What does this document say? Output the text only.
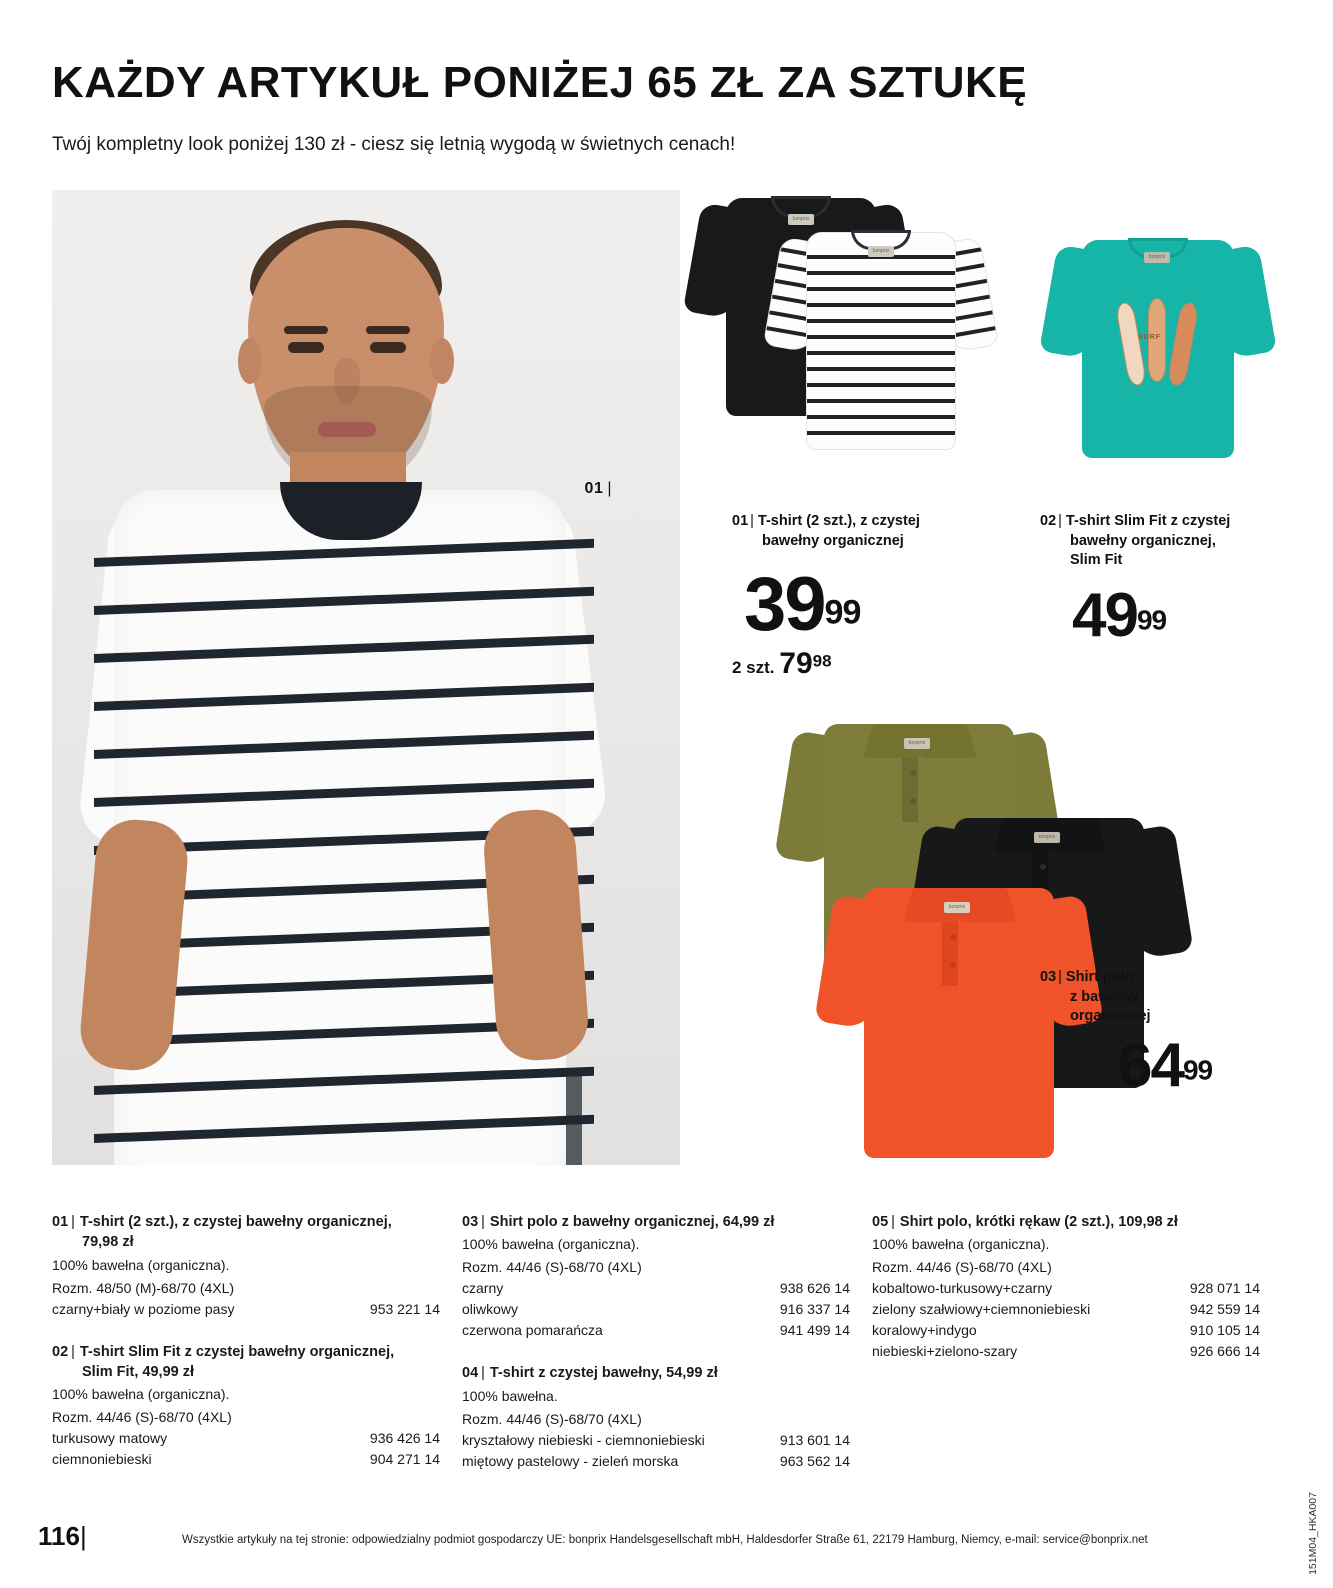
KAŻDY ARTYKUŁ PONIŻEJ 65 ZŁ ZA SZTUKĘ
Twój kompletny look poniżej 130 zł - ciesz się letnią wygodą w świetnych cenach!
01 |
bonprix
bonprix
bonprix
SURF
bonprix
bonprix
bonprix
01 | T-shirt (2 szt.), z czystej
bawełny organicznej
3999
2 szt. 7998
02 | T-shirt Slim Fit z czystej
bawełny organicznej,
Slim Fit
4999
03 | Shirt polo
z bawełny
organicznej
6499
01 | T-shirt (2 szt.), z czystej bawełny organicznej,
79,98 zł
100% bawełna (organiczna).
Rozm. 48/50 (M)-68/70 (4XL)
czarny+biały w poziome pasy	953 221 14
02 | T-shirt Slim Fit z czystej bawełny organicznej,
Slim Fit, 49,99 zł
100% bawełna (organiczna).
Rozm. 44/46 (S)-68/70 (4XL)
turkusowy matowy	936 426 14
ciemnoniebieski	904 271 14
03 | Shirt polo z bawełny organicznej, 64,99 zł
100% bawełna (organiczna).
Rozm. 44/46 (S)-68/70 (4XL)
czarny	938 626 14
oliwkowy	916 337 14
czerwona pomarańcza	941 499 14
04 | T-shirt z czystej bawełny, 54,99 zł
100% bawełna.
Rozm. 44/46 (S)-68/70 (4XL)
kryształowy niebieski - ciemnoniebieski	913 601 14
miętowy pastelowy - zieleń morska	963 562 14
05 | Shirt polo, krótki rękaw (2 szt.), 109,98 zł
100% bawełna (organiczna).
Rozm. 44/46 (S)-68/70 (4XL)
kobaltowo-turkusowy+czarny	928 071 14
zielony szałwiowy+ciemnoniebieski	942 559 14
koralowy+indygo	910 105 14
niebieski+zielono-szary	926 666 14
116|	Wszystkie artykuły na tej stronie: odpowiedzialny podmiot gospodarczy UE: bonprix Handelsgesellschaft mbH, Haldesdorfer Straße 61, 22179 Hamburg, Niemcy, e-mail: service@bonprix.net	151M04_HKA007
